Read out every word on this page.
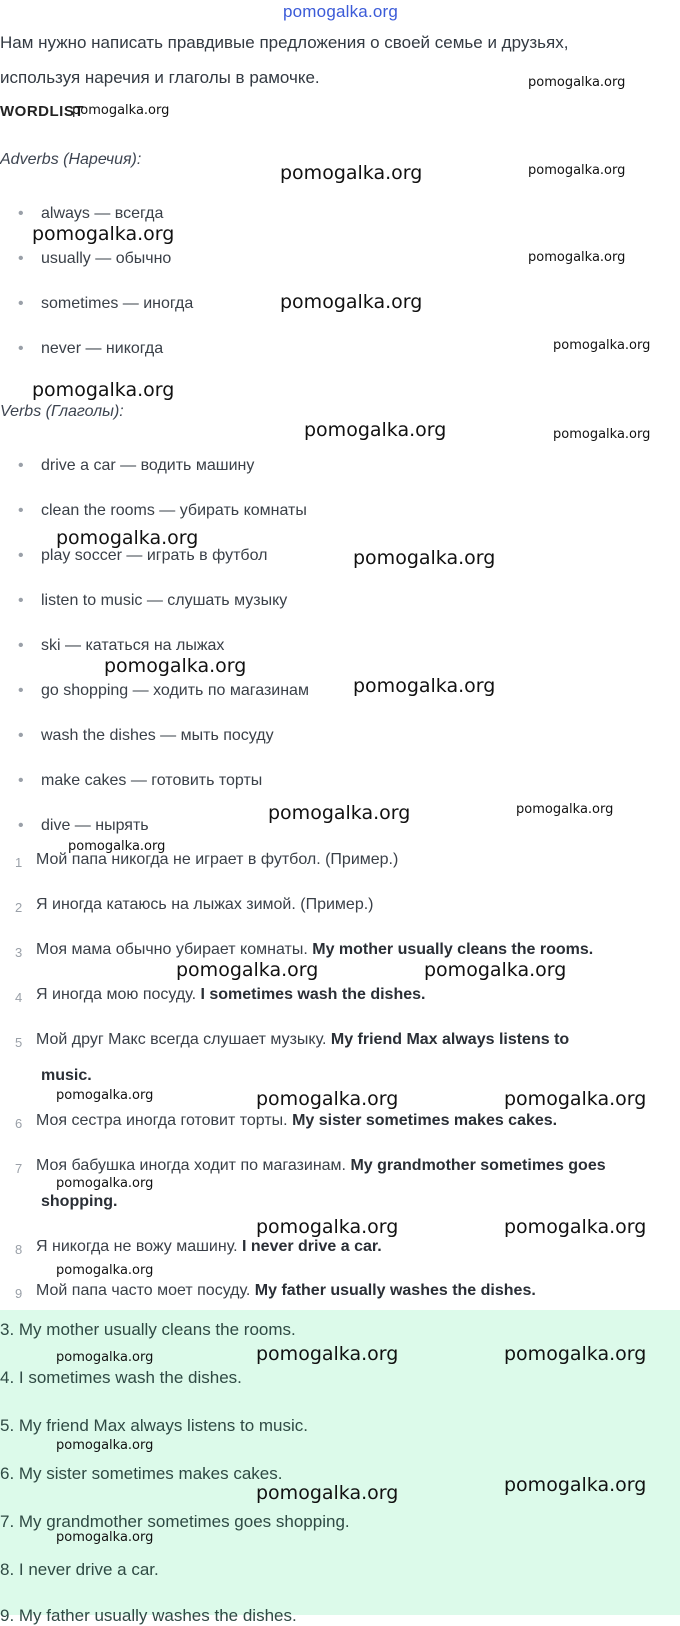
pomogalka.org
Нам нужно написать правдивые предложения о своей семье и друзьях,
используя наречия и глаголы в рамочке.
WORDLIST
Adverbs (Наречия):
• always — всегда
• usually — обычно
• sometimes — иногда
• never — никогда
Verbs (Глаголы):
• drive a car — водить машину
• clean the rooms — убирать комнаты
• play soccer — играть в футбол
• listen to music — слушать музыку
• ski — кататься на лыжах
• go shopping — ходить по магазинам
• wash the dishes — мыть посуду
• make cakes — готовить торты
• dive — нырять
1 Мой папа никогда не играет в футбол. (Пример.)
2 Я иногда катаюсь на лыжах зимой. (Пример.)
3 Моя мама обычно убирает комнаты. My mother usually cleans the rooms.
4 Я иногда мою посуду. I sometimes wash the dishes.
5 Мой друг Макс всегда слушает музыку. My friend Max always listens to
music.
6 Моя сестра иногда готовит торты. My sister sometimes makes cakes.
7 Моя бабушка иногда ходит по магазинам. My grandmother sometimes goes
shopping.
8 Я никогда не вожу машину. I never drive a car.
9 Мой папа часто моет посуду. My father usually washes the dishes.
3. My mother usually cleans the rooms.
4. I sometimes wash the dishes.
5. My friend Max always listens to music.
6. My sister sometimes makes cakes.
7. My grandmother sometimes goes shopping.
8. I never drive a car.
9. My father usually washes the dishes.
pomogalka.org
pomogalka.org
pomogalka.org	pomogalka.org
pomogalka.org
pomogalka.org
pomogalka.org
pomogalka.org
pomogalka.org
pomogalka.org	pomogalka.org
pomogalka.org
pomogalka.org
pomogalka.org
pomogalka.org
pomogalka.org
pomogalka.org
pomogalka.org
pomogalka.org	pomogalka.org
pomogalka.org	pomogalka.org	pomogalka.org
pomogalka.org
pomogalka.org	pomogalka.org
pomogalka.org
pomogalka.org	pomogalka.org	pomogalka.org
pomogalka.org
pomogalka.org	pomogalka.org
pomogalka.org
